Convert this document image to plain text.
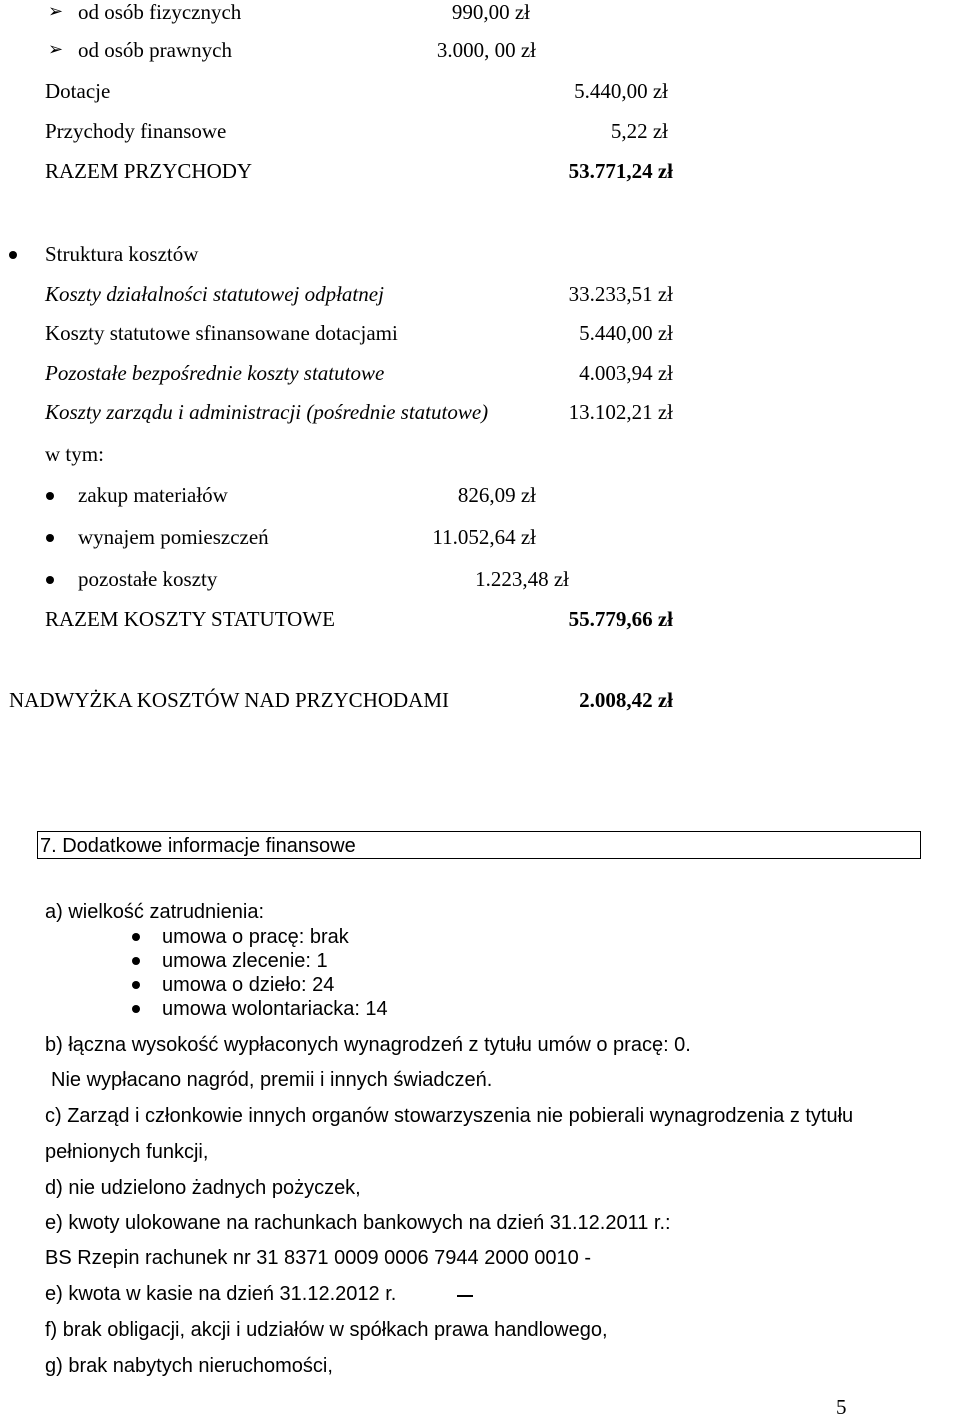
➢ od osób fizycznych	990,00 zł
➢ od osób prawnych	3.000, 00 zł
Dotacje	5.440,00 zł
Przychody finansowe	5,22 zł
RAZEM PRZYCHODY	53.771,24 zł
Struktura kosztów
Koszty działalności statutowej odpłatnej	33.233,51 zł
Koszty statutowe sfinansowane dotacjami	5.440,00 zł
Pozostałe bezpośrednie koszty statutowe	4.003,94 zł
Koszty zarządu i administracji (pośrednie statutowe)	13.102,21 zł
w tym:
zakup materiałów	826,09 zł
wynajem pomieszczeń	11.052,64 zł
pozostałe koszty	1.223,48 zł
RAZEM KOSZTY STATUTOWE	55.779,66 zł
NADWYŻKA KOSZTÓW NAD PRZYCHODAMI	2.008,42 zł
7. Dodatkowe informacje finansowe
a) wielkość zatrudnienia:
umowa o pracę: brak
umowa zlecenie: 1
umowa o dzieło: 24
umowa wolontariacka: 14
b) łączna wysokość wypłaconych wynagrodzeń z tytułu umów o pracę: 0.
Nie wypłacano nagród, premii i innych świadczeń.
c) Zarząd i członkowie innych organów stowarzyszenia nie pobierali wynagrodzenia z tytułu
pełnionych funkcji,
d) nie udzielono żadnych pożyczek,
e) kwoty ulokowane na rachunkach bankowych na dzień 31.12.2011 r.:
BS Rzepin rachunek nr 31 8371 0009 0006 7944 2000 0010 -
e) kwota w kasie na dzień 31.12.2012 r.
f) brak obligacji, akcji i udziałów w spółkach prawa handlowego,
g) brak nabytych nieruchomości,
5
